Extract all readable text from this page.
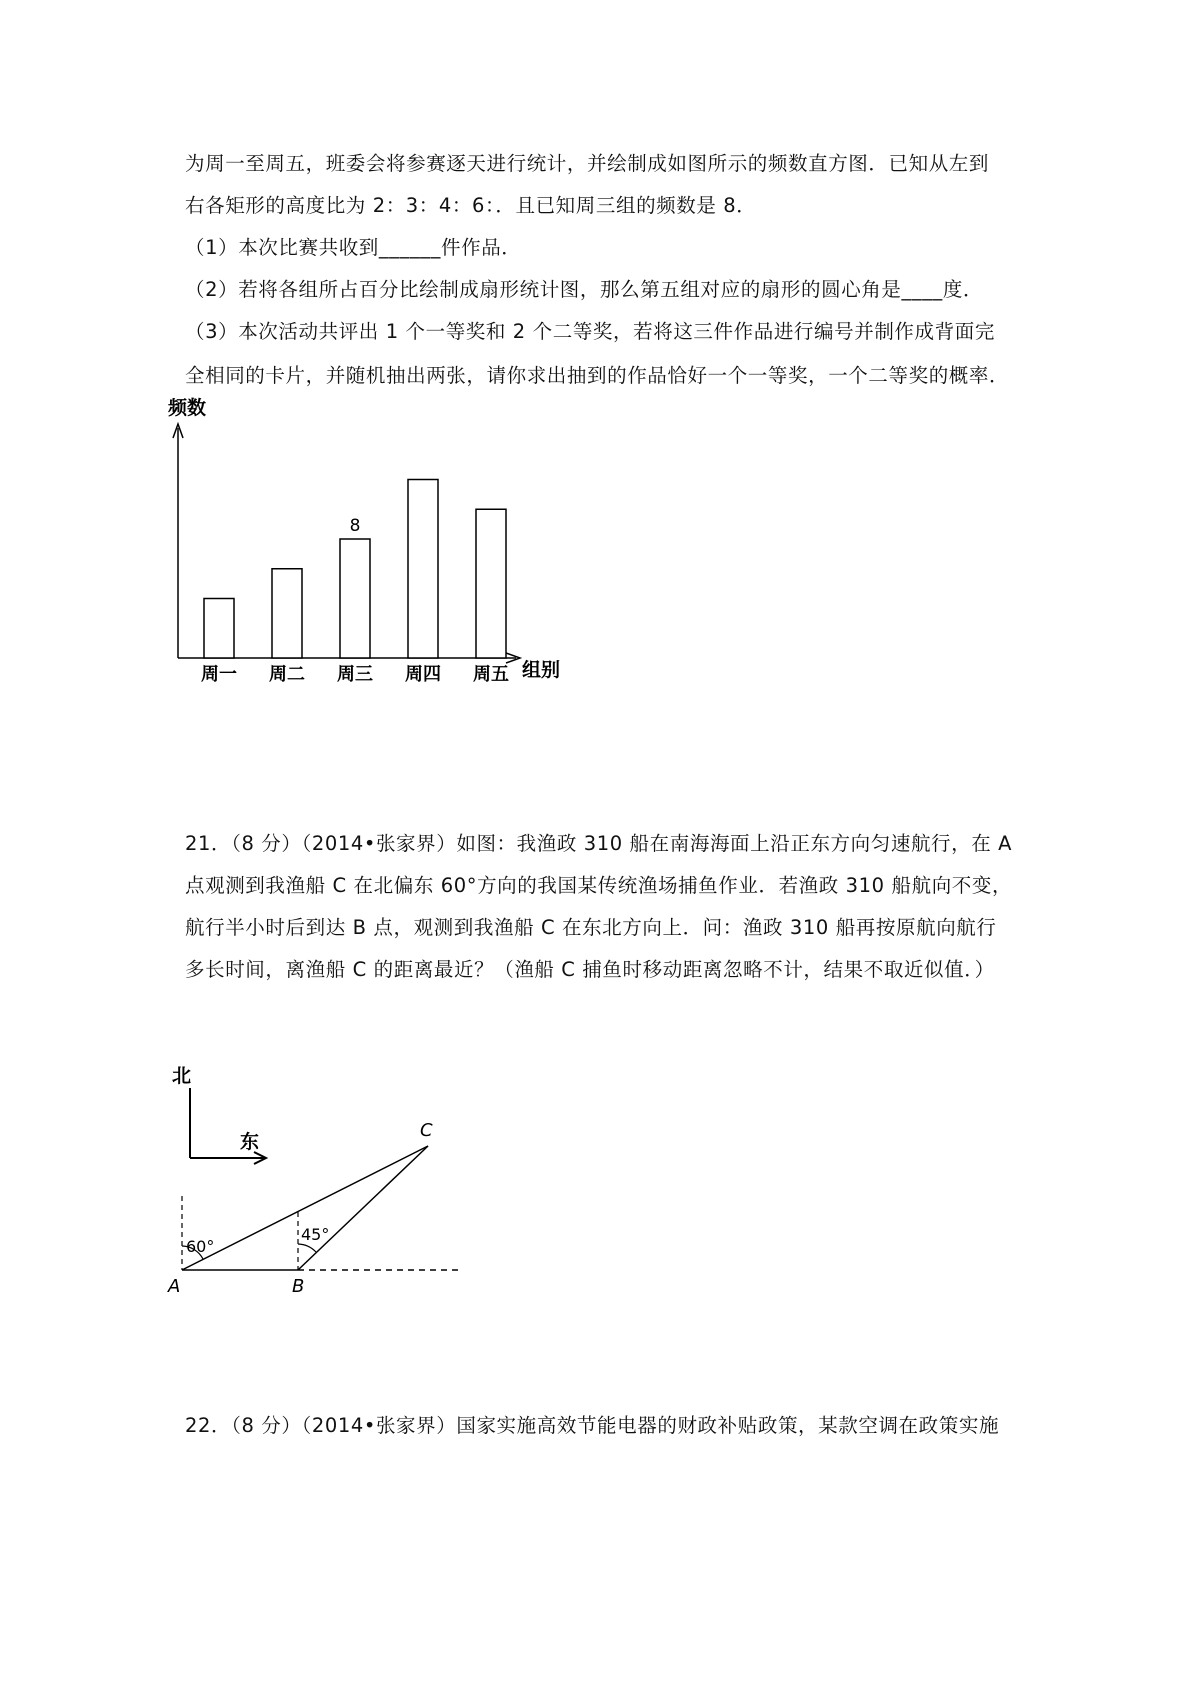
为周一至周五，班委会将参赛逐天进行统计，并绘制成如图所示的频数直方图．已知从左到
右各矩形的高度比为 2：3：4：6：．且已知周三组的频数是 8．
（1）本次比赛共收到______件作品．
（2）若将各组所占百分比绘制成扇形统计图，那么第五组对应的扇形的圆心角是____度．
（3）本次活动共评出 1 个一等奖和 2 个二等奖，若将这三件作品进行编号并制作成背面完
全相同的卡片，并随机抽出两张，请你求出抽到的作品恰好一个一等奖，一个二等奖的概率．
频数
组别
周一 周二 周三
8
周四 周五
21．（8 分）（2014•张家界）如图：我渔政 310 船在南海海面上沿正东方向匀速航行，在 A
点观测到我渔船 C 在北偏东 60°方向的我国某传统渔场捕鱼作业．若渔政 310 船航向不变，
航行半小时后到达 B 点，观测到我渔船 C 在东北方向上．问：渔政 310 船再按原航向航行
多长时间，离渔船 C 的距离最近？（渔船 C 捕鱼时移动距离忽略不计，结果不取近似值．）
北
东
60°
45°
A	B
C
22．（8 分）（2014•张家界）国家实施高效节能电器的财政补贴政策，某款空调在政策实施
